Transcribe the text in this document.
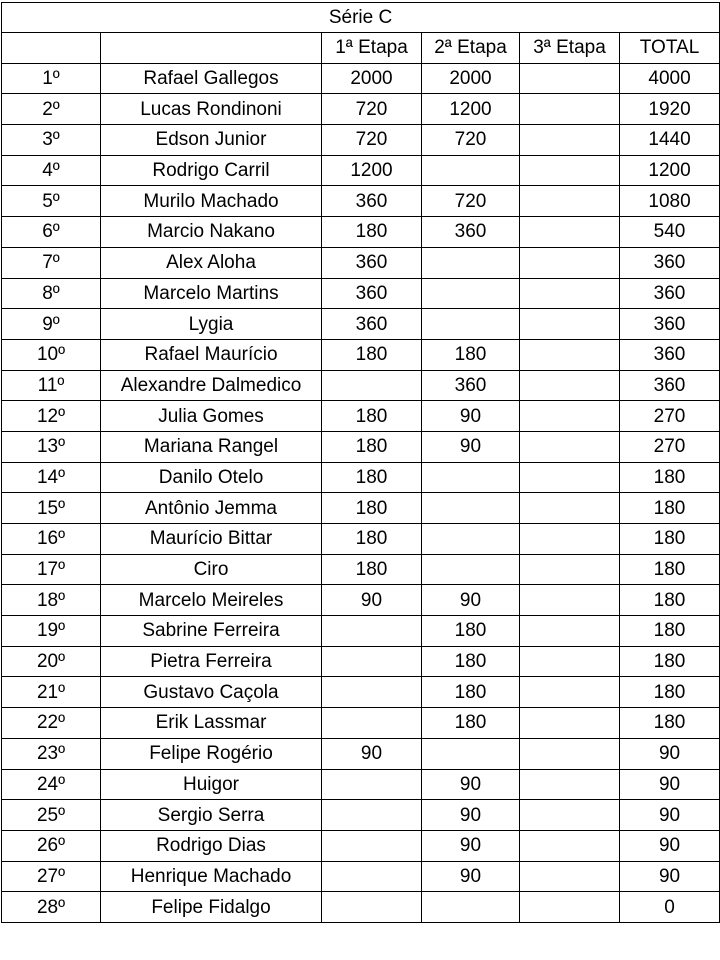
Série C					
		1ª Etapa	2ª Etapa	3ª Etapa	TOTAL
1º	Rafael Gallegos	2000	2000		4000
2º	Lucas Rondinoni	720	1200		1920
3º	Edson Junior	720	720		1440
4º	Rodrigo Carril	1200			1200
5º	Murilo Machado	360	720		1080
6º	Marcio Nakano	180	360		540
7º	Alex Aloha	360			360
8º	Marcelo Martins	360			360
9º	Lygia	360			360
10º	Rafael Maurício	180	180		360
11º	Alexandre Dalmedico		360		360
12º	Julia Gomes	180	90		270
13º	Mariana Rangel	180	90		270
14º	Danilo Otelo	180			180
15º	Antônio Jemma	180			180
16º	Maurício Bittar	180			180
17º	Ciro	180			180
18º	Marcelo Meireles	90	90		180
19º	Sabrine Ferreira		180		180
20º	Pietra Ferreira		180		180
21º	Gustavo Caçola		180		180
22º	Erik Lassmar		180		180
23º	Felipe Rogério	90			90
24º	Huigor		90		90
25º	Sergio Serra		90		90
26º	Rodrigo Dias		90		90
27º	Henrique Machado		90		90
28º	Felipe Fidalgo				0
